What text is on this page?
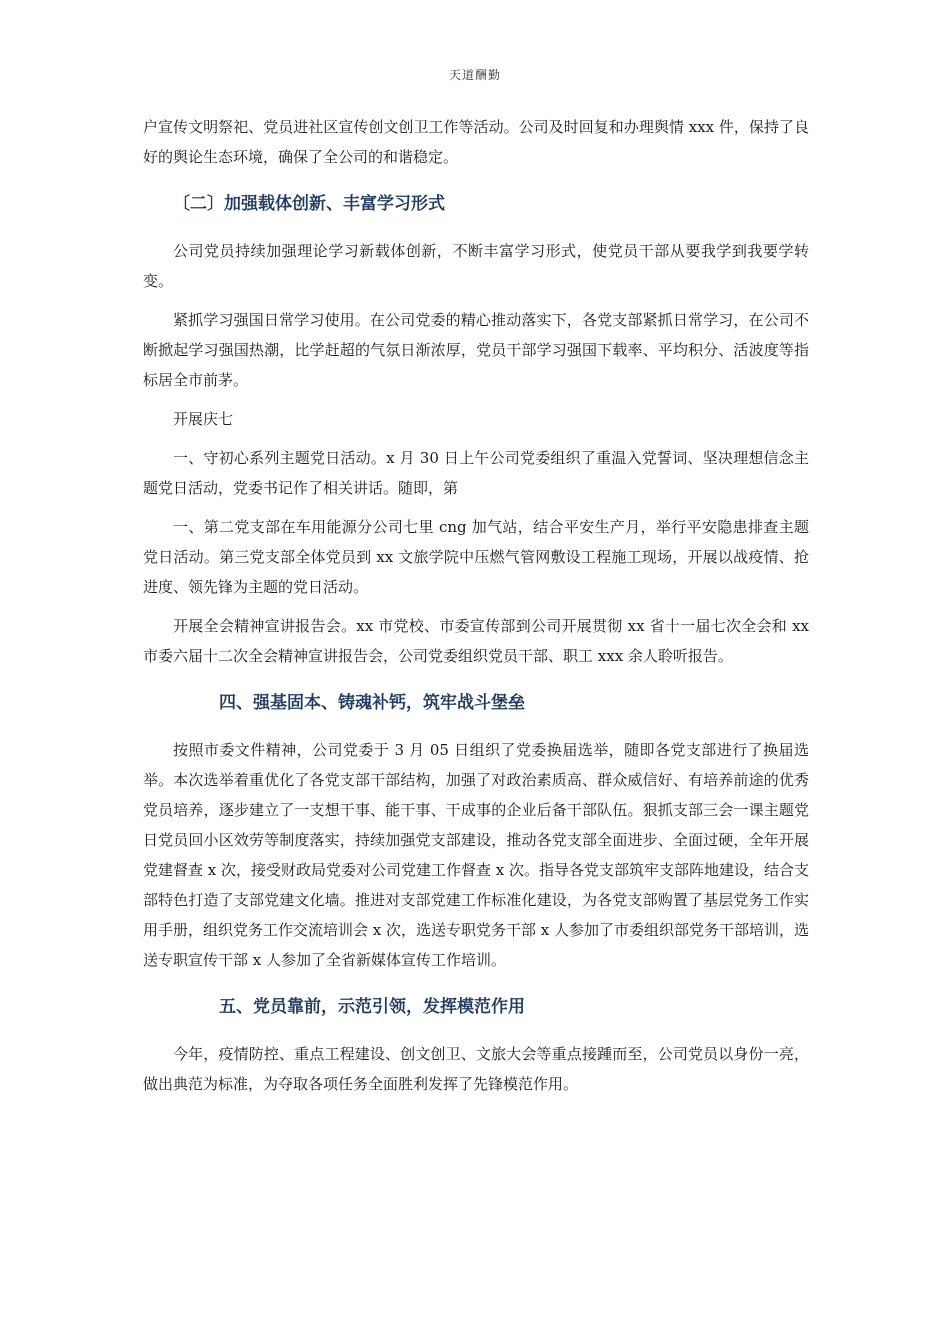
天道酬勤

户宣传文明祭祀、党员进社区宣传创文创卫工作等活动。公司及时回复和办理舆情 xxx 件，保持了良好的舆论生态环境，确保了全公司的和谐稳定。

〔二〕加强载体创新、丰富学习形式

公司党员持续加强理论学习新载体创新，不断丰富学习形式，使党员干部从要我学到我要学转变。

紧抓学习强国日常学习使用。在公司党委的精心推动落实下，各党支部紧抓日常学习，在公司不断掀起学习强国热潮，比学赶超的气氛日渐浓厚，党员干部学习强国下载率、平均积分、活波度等指标居全市前茅。

开展庆七

一、守初心系列主题党日活动。x 月 30 日上午公司党委组织了重温入党誓词、坚决理想信念主题党日活动，党委书记作了相关讲话。随即，第

一、第二党支部在车用能源分公司七里 cng 加气站，结合平安生产月，举行平安隐患排查主题党日活动。第三党支部全体党员到 xx 文旅学院中压燃气管网敷设工程施工现场，开展以战疫情、抢进度、领先锋为主题的党日活动。

开展全会精神宣讲报告会。xx 市党校、市委宣传部到公司开展贯彻 xx 省十一届七次全会和 xx 市委六届十二次全会精神宣讲报告会，公司党委组织党员干部、职工 xxx 余人聆听报告。

四、强基固本、铸魂补钙，筑牢战斗堡垒

按照市委文件精神，公司党委于 3 月 05 日组织了党委换届选举，随即各党支部进行了换届选举。本次选举着重优化了各党支部干部结构，加强了对政治素质高、群众威信好、有培养前途的优秀党员培养，逐步建立了一支想干事、能干事、干成事的企业后备干部队伍。狠抓支部三会一课主题党日党员回小区效劳等制度落实，持续加强党支部建设，推动各党支部全面进步、全面过硬，全年开展党建督查 x 次，接受财政局党委对公司党建工作督查 x 次。指导各党支部筑牢支部阵地建设，结合支部特色打造了支部党建文化墙。推进对支部党建工作标准化建设，为各党支部购置了基层党务工作实用手册，组织党务工作交流培训会 x 次，选送专职党务干部 x 人参加了市委组织部党务干部培训，选送专职宣传干部 x 人参加了全省新媒体宣传工作培训。

五、党员靠前，示范引领，发挥模范作用

今年，疫情防控、重点工程建设、创文创卫、文旅大会等重点接踵而至，公司党员以身份一亮，做出典范为标准，为夺取各项任务全面胜利发挥了先锋模范作用。
